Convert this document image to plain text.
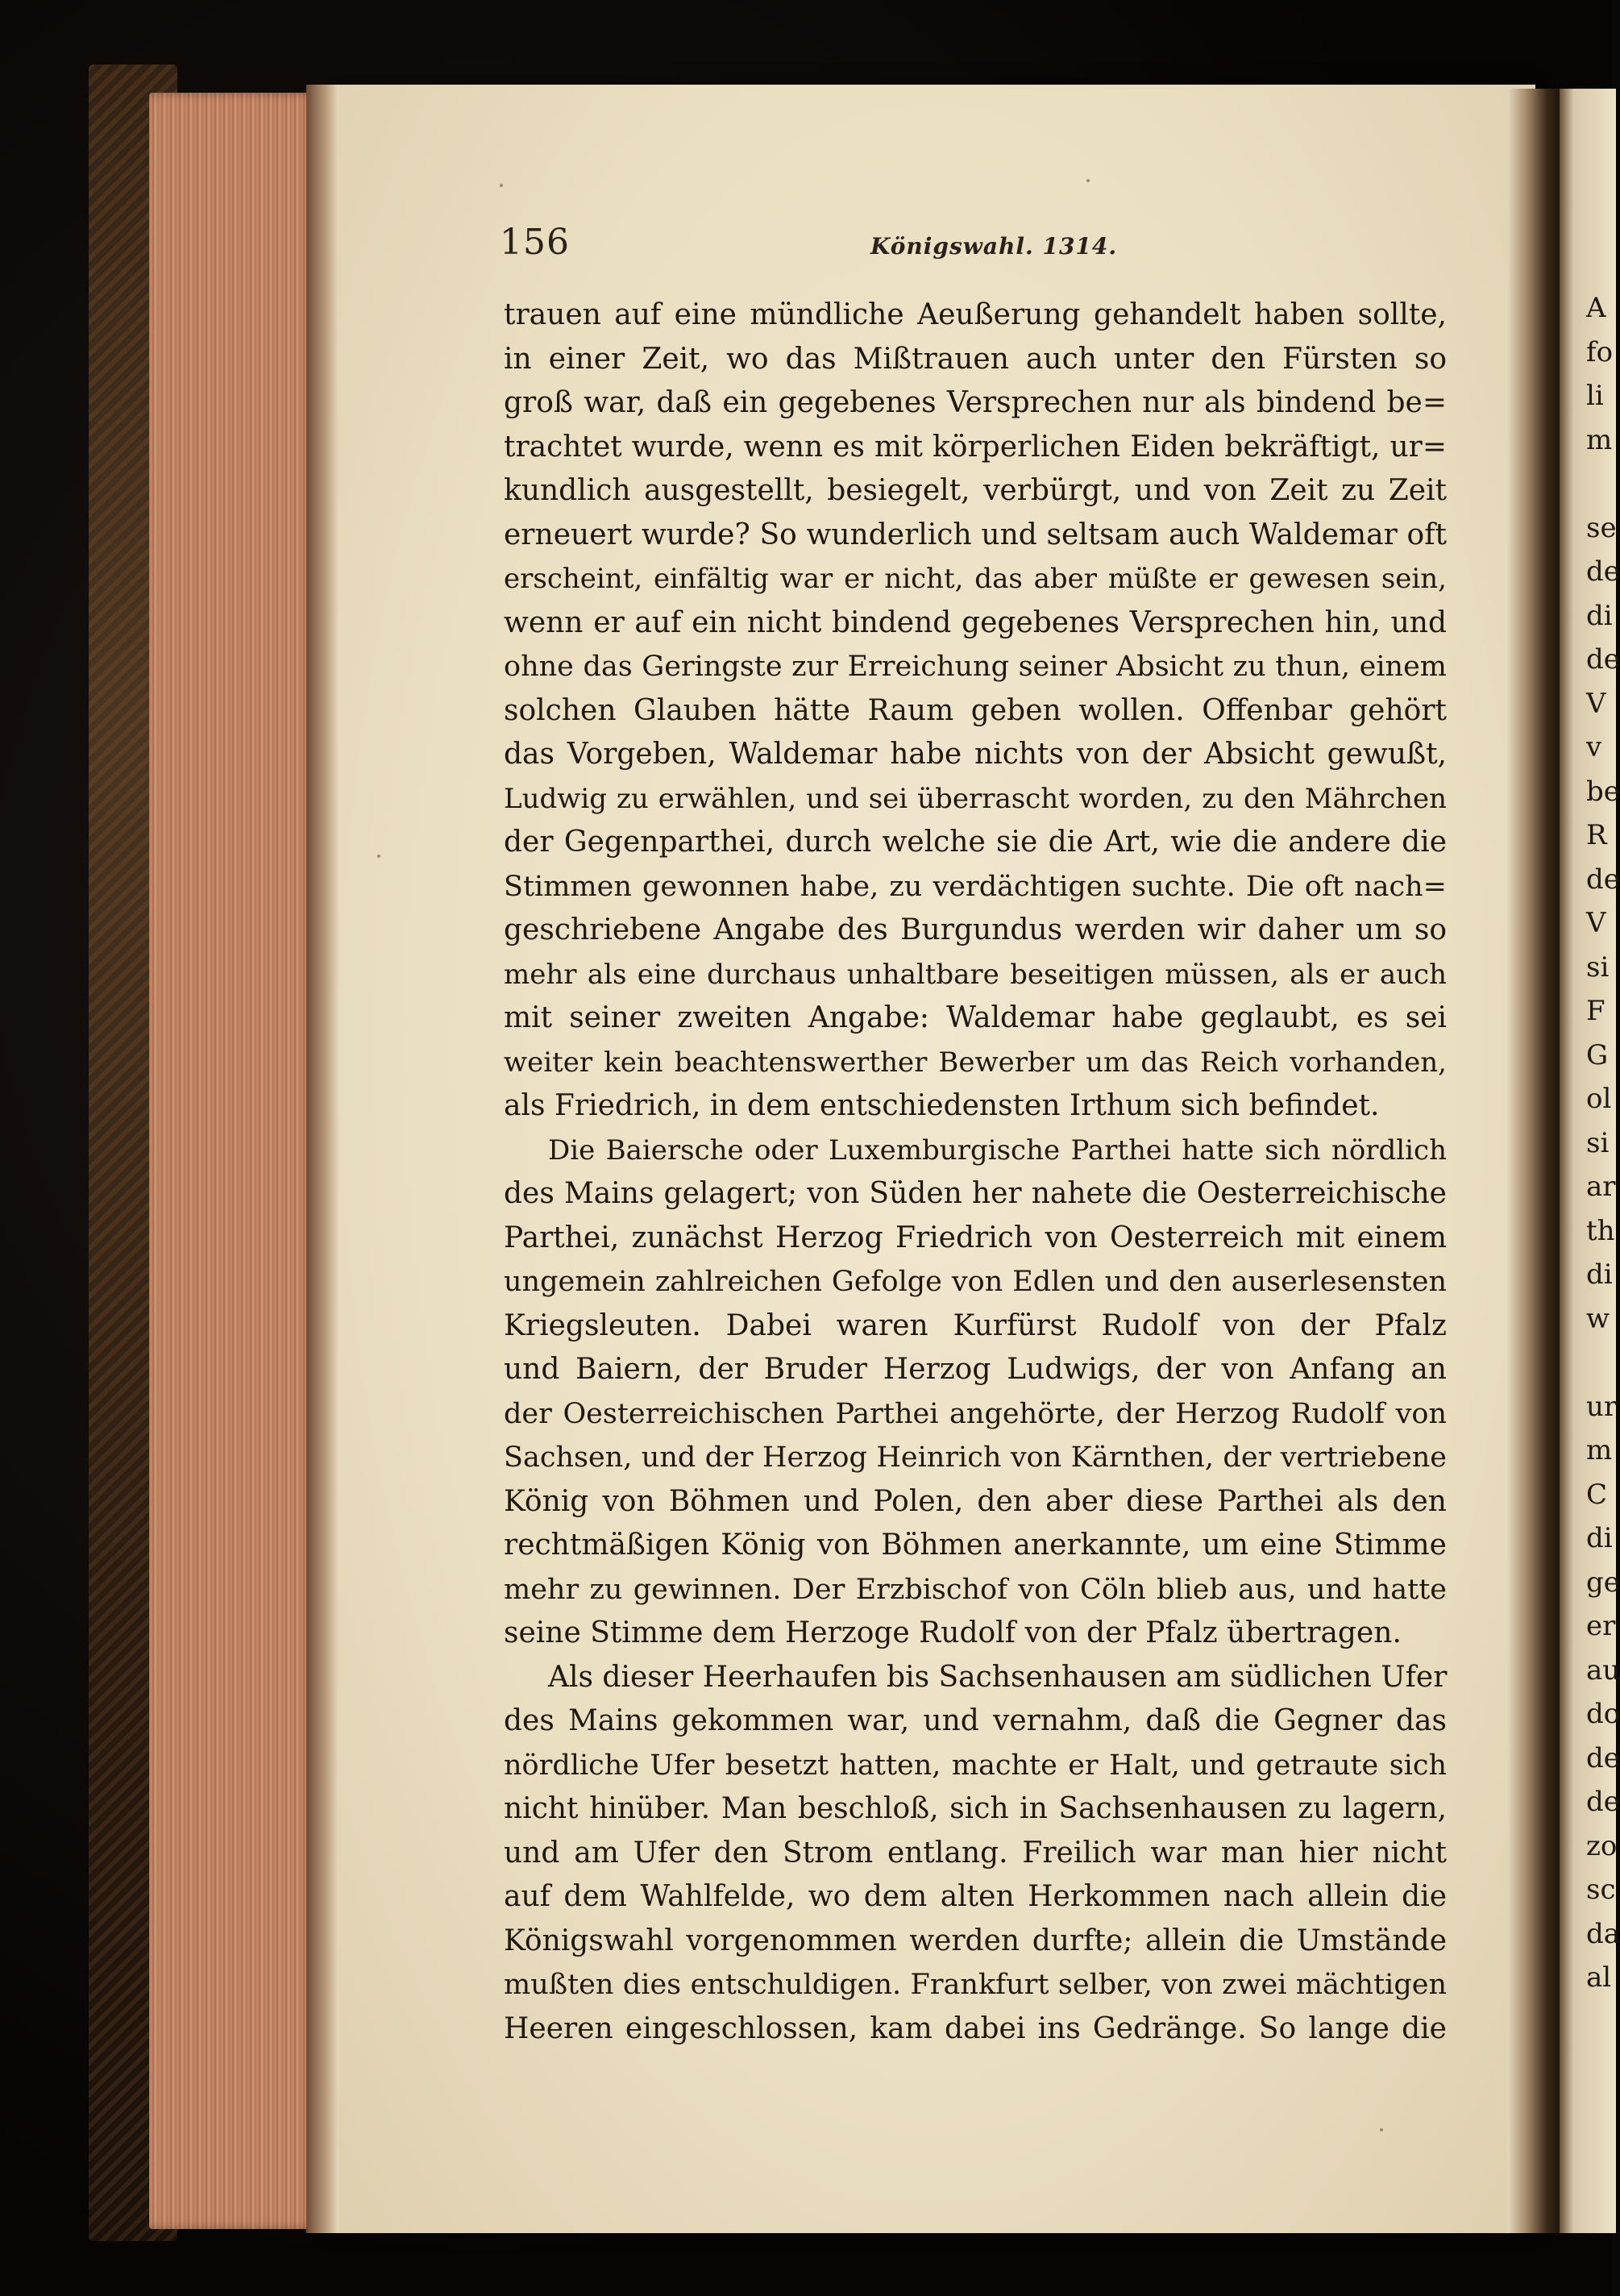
A
fo
li
m
se
de
di
de
V
v
be
R
de
V
si
F
G
ol
si
ar
th
di
w
ur
m
C
di
ge
er
au
do
de
de
zo
sc
da
al
156	Königswahl. 1314.
trauen auf eine mündliche Aeußerung gehandelt haben sollte,
in einer Zeit, wo das Mißtrauen auch unter den Fürsten so
groß war, daß ein gegebenes Versprechen nur als bindend be=
trachtet wurde, wenn es mit körperlichen Eiden bekräftigt, ur=
kundlich ausgestellt, besiegelt, verbürgt, und von Zeit zu Zeit
erneuert wurde? So wunderlich und seltsam auch Waldemar oft
erscheint, einfältig war er nicht, das aber müßte er gewesen sein,
wenn er auf ein nicht bindend gegebenes Versprechen hin, und
ohne das Geringste zur Erreichung seiner Absicht zu thun, einem
solchen Glauben hätte Raum geben wollen. Offenbar gehört
das Vorgeben, Waldemar habe nichts von der Absicht gewußt,
Ludwig zu erwählen, und sei überrascht worden, zu den Mährchen
der Gegenparthei, durch welche sie die Art, wie die andere die
Stimmen gewonnen habe, zu verdächtigen suchte. Die oft nach=
geschriebene Angabe des Burgundus werden wir daher um so
mehr als eine durchaus unhaltbare beseitigen müssen, als er auch
mit seiner zweiten Angabe: Waldemar habe geglaubt, es sei
weiter kein beachtenswerther Bewerber um das Reich vorhanden,
als Friedrich, in dem entschiedensten Irthum sich befindet.
Die Baiersche oder Luxemburgische Parthei hatte sich nördlich
des Mains gelagert; von Süden her nahete die Oesterreichische
Parthei, zunächst Herzog Friedrich von Oesterreich mit einem
ungemein zahlreichen Gefolge von Edlen und den auserlesensten
Kriegsleuten. Dabei waren Kurfürst Rudolf von der Pfalz
und Baiern, der Bruder Herzog Ludwigs, der von Anfang an
der Oesterreichischen Parthei angehörte, der Herzog Rudolf von
Sachsen, und der Herzog Heinrich von Kärnthen, der vertriebene
König von Böhmen und Polen, den aber diese Parthei als den
rechtmäßigen König von Böhmen anerkannte, um eine Stimme
mehr zu gewinnen. Der Erzbischof von Cöln blieb aus, und hatte
seine Stimme dem Herzoge Rudolf von der Pfalz übertragen.
Als dieser Heerhaufen bis Sachsenhausen am südlichen Ufer
des Mains gekommen war, und vernahm, daß die Gegner das
nördliche Ufer besetzt hatten, machte er Halt, und getraute sich
nicht hinüber. Man beschloß, sich in Sachsenhausen zu lagern,
und am Ufer den Strom entlang. Freilich war man hier nicht
auf dem Wahlfelde, wo dem alten Herkommen nach allein die
Königswahl vorgenommen werden durfte; allein die Umstände
mußten dies entschuldigen. Frankfurt selber, von zwei mächtigen
Heeren eingeschlossen, kam dabei ins Gedränge. So lange die
